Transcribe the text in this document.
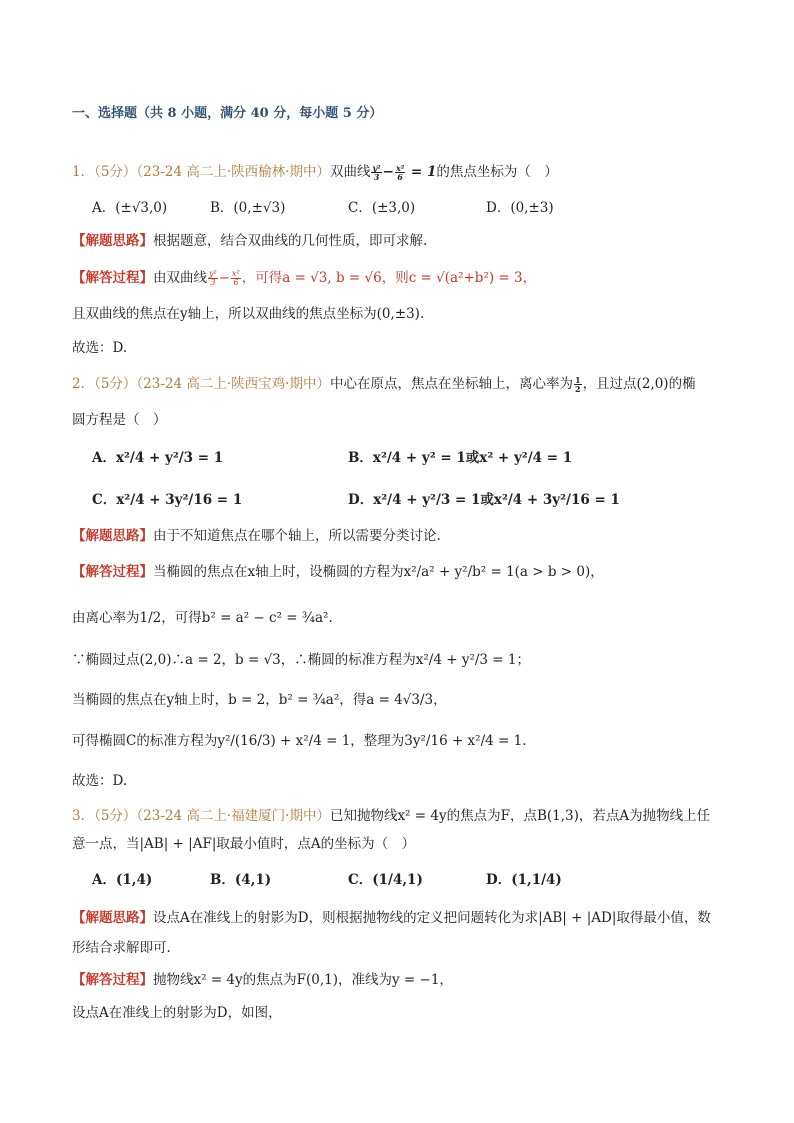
一、选择题（共 8 小题，满分 40 分，每小题 5 分）
1．（5分）（23-24 高二上·陕西榆林·期中）双曲线 $\frac{\text{y²}}{3} - \frac{\text{x²}}{6} = 1$的焦点坐标为（　）
A．(±√3,0)	B．(0,±√3)	C．(±3,0)	D．(0,±3)
【解题思路】根据题意，结合双曲线的几何性质，即可求解.
【解答过程】由双曲线 $\frac{\text{y²}}{3} - \frac{\text{x²}}{6}$ ，可得a = √3, b = √6，则c = √(a²+b²) = 3，
且双曲线的焦点在y轴上，所以双曲线的焦点坐标为(0,±3).
故选：D.
2．（5分）（23-24 高二上·陕西宝鸡·期中）中心在原点，焦点在坐标轴上，离心率为 $\frac{1}{2}$ ，且过点(2,0)的椭
圆方程是（　）
A．x²/4 + y²/3 = 1	B．x²/4 + y² = 1或x² + y²/4 = 1
C．x²/4 + 3y²/16 = 1	D．x²/4 + y²/3 = 1或x²/4 + 3y²/16 = 1
【解题思路】由于不知道焦点在哪个轴上，所以需要分类讨论.
【解答过程】当椭圆的焦点在x轴上时，设椭圆的方程为x²/a² + y²/b² = 1(a > b > 0)，
由离心率为1/2，可得b² = a² − c² = ¾a².
∵椭圆过点(2,0)∴a = 2，b = √3，∴椭圆的标准方程为x²/4 + y²/3 = 1；
当椭圆的焦点在y轴上时，b = 2，b² = ¾a²，得a = 4√3/3，
可得椭圆C的标准方程为y²/(16/3) + x²/4 = 1，整理为3y²/16 + x²/4 = 1.
故选：D.
3．（5分）（23-24 高二上·福建厦门·期中）已知抛物线x² = 4y的焦点为F，点B(1,3)，若点A为抛物线上任
意一点，当|AB| + |AF|取最小值时，点A的坐标为（　）
A．(1,4)	B．(4,1)	C．(1/4,1)	D．(1,1/4)
【解题思路】设点A在准线上的射影为D，则根据抛物线的定义把问题转化为求|AB| + |AD|取得最小值，数
形结合求解即可.
【解答过程】抛物线x² = 4y的焦点为F(0,1)，准线为y = −1，
设点A在准线上的射影为D，如图，
